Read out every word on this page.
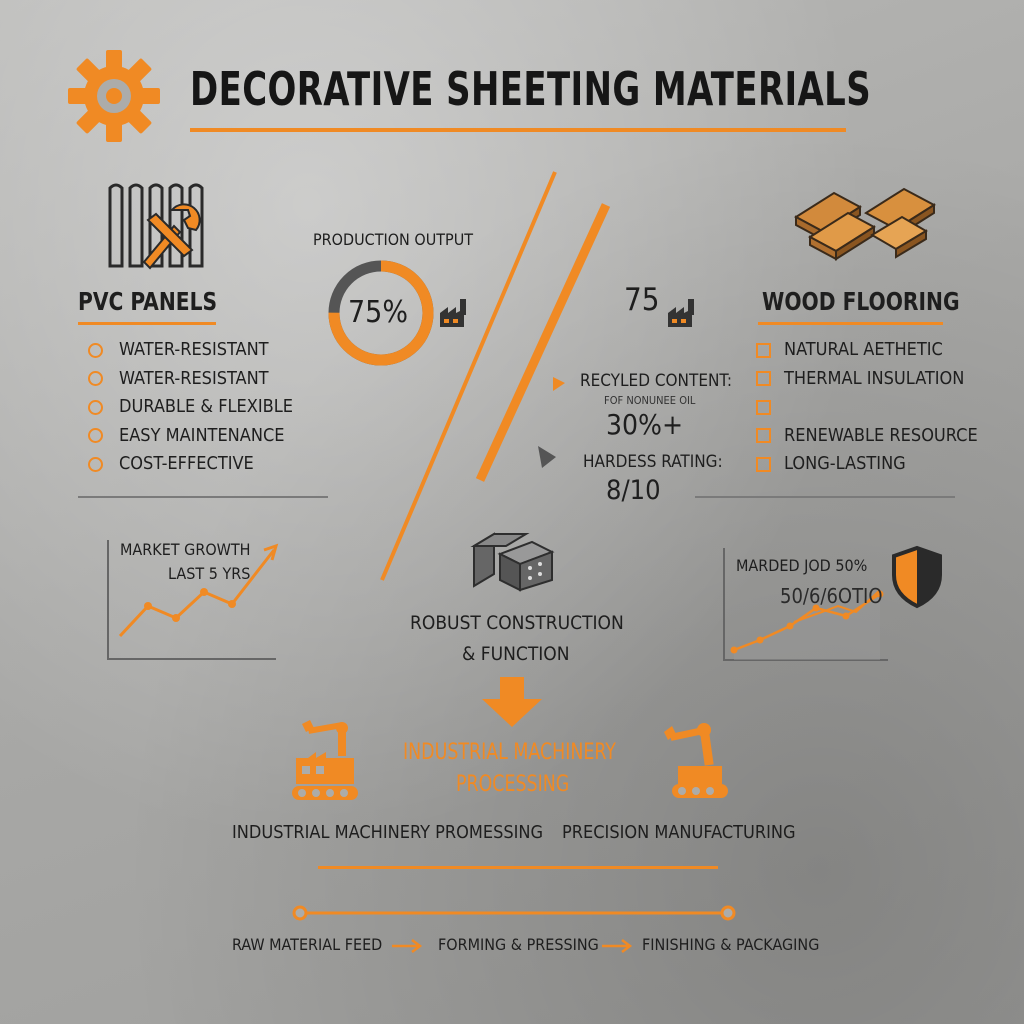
DECORATIVE SHEETING MATERIALS
PVC PANELS
WATER-RESISTANT
WATER-RESISTANT
DURABLE & FLEXIBLE
EASY MAINTENANCE
COST-EFFECTIVE
PRODUCTION OUTPUT
75%	75
RECYLED CONTENT:
FOF NONUNEE OIL
30%+
HARDESS RATING:
8/10
WOOD FLOORING
NATURAL AETHETIC
THERMAL INSULATION
RENEWABLE RESOURCE
LONG-LASTING
MARKET GROWTH
LAST 5 YRS
ROBUST CONSTRUCTION
& FUNCTION
MARDED JOD 50%
50/6/6OTIO
INDUSTRIAL MACHINERY
PROCESSING
INDUSTRIAL MACHINERY PROMESSING PRECISION MANUFACTURING
RAW MATERIAL FEED	FORMING & PRESSING	FINISHING & PACKAGING
